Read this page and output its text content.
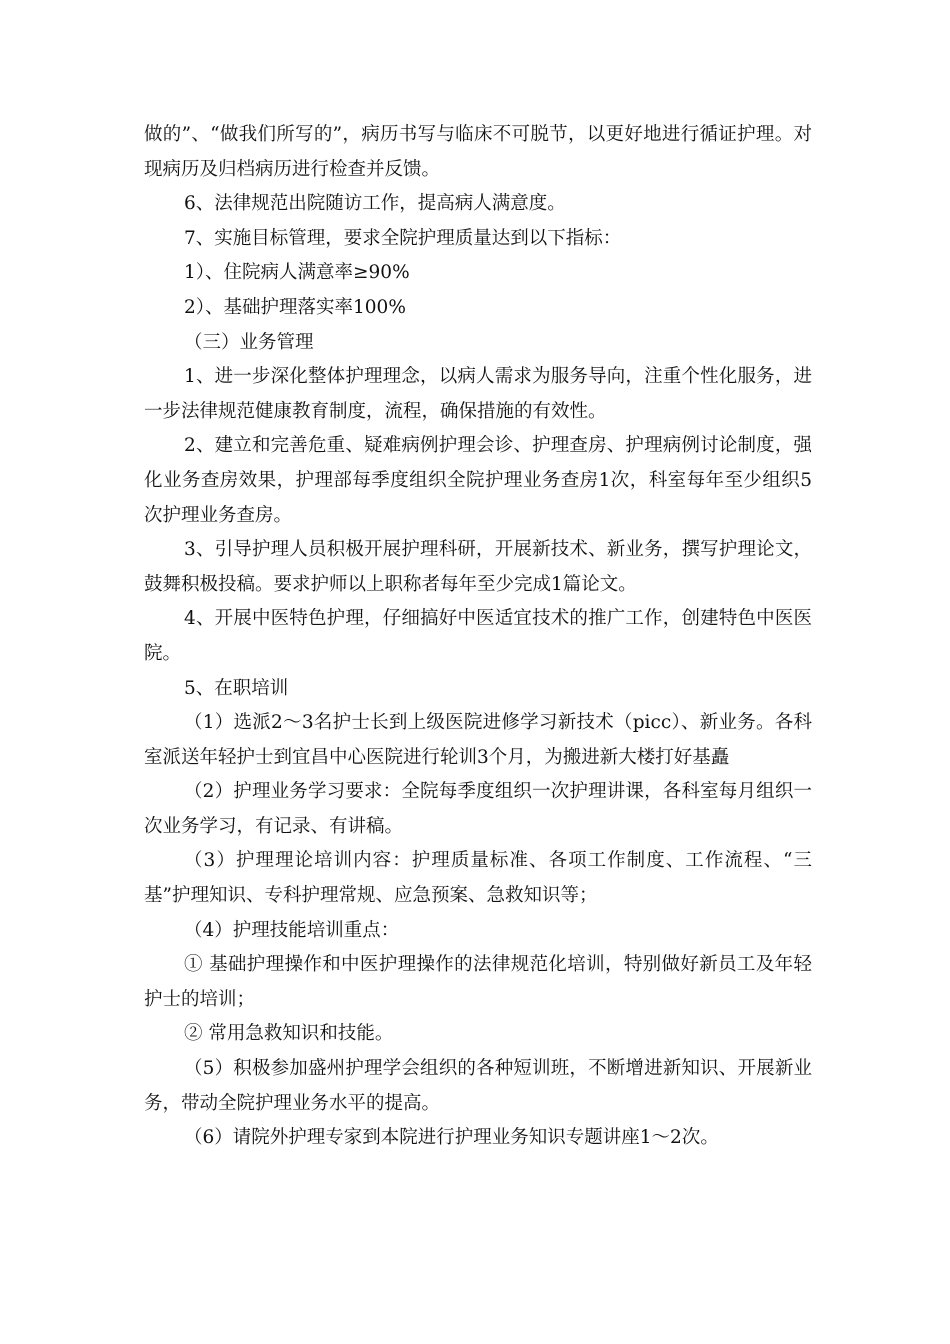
做的”、“做我们所写的”，病历书写与临床不可脱节，以更好地进行循证护理。对现病历及归档病历进行检查并反馈。

6、法律规范出院随访工作，提高病人满意度。

7、实施目标管理，要求全院护理质量达到以下指标：

1）、住院病人满意率≥90%

2）、基础护理落实率100%

（三）业务管理

1、进一步深化整体护理理念，以病人需求为服务导向，注重个性化服务，进一步法律规范健康教育制度，流程，确保措施的有效性。

2、建立和完善危重、疑难病例护理会诊、护理查房、护理病例讨论制度，强化业务查房效果，护理部每季度组织全院护理业务查房1次，科室每年至少组织5次护理业务查房。

3、引导护理人员积极开展护理科研，开展新技术、新业务，撰写护理论文，鼓舞积极投稿。要求护师以上职称者每年至少完成1篇论文。

4、开展中医特色护理，仔细搞好中医适宜技术的推广工作，创建特色中医医院。

5、在职培训

（1）选派2～3名护士长到上级医院进修学习新技术（picc）、新业务。各科室派送年轻护士到宜昌中心医院进行轮训3个月，为搬进新大楼打好基矗

（2）护理业务学习要求：全院每季度组织一次护理讲课，各科室每月组织一次业务学习，有记录、有讲稿。

（3）护理理论培训内容：护理质量标准、各项工作制度、工作流程、“三基”护理知识、专科护理常规、应急预案、急救知识等；

（4）护理技能培训重点：

① 基础护理操作和中医护理操作的法律规范化培训，特别做好新员工及年轻护士的培训；

② 常用急救知识和技能。

（5）积极参加盛州护理学会组织的各种短训班，不断增进新知识、开展新业务，带动全院护理业务水平的提高。

（6）请院外护理专家到本院进行护理业务知识专题讲座1～2次。
